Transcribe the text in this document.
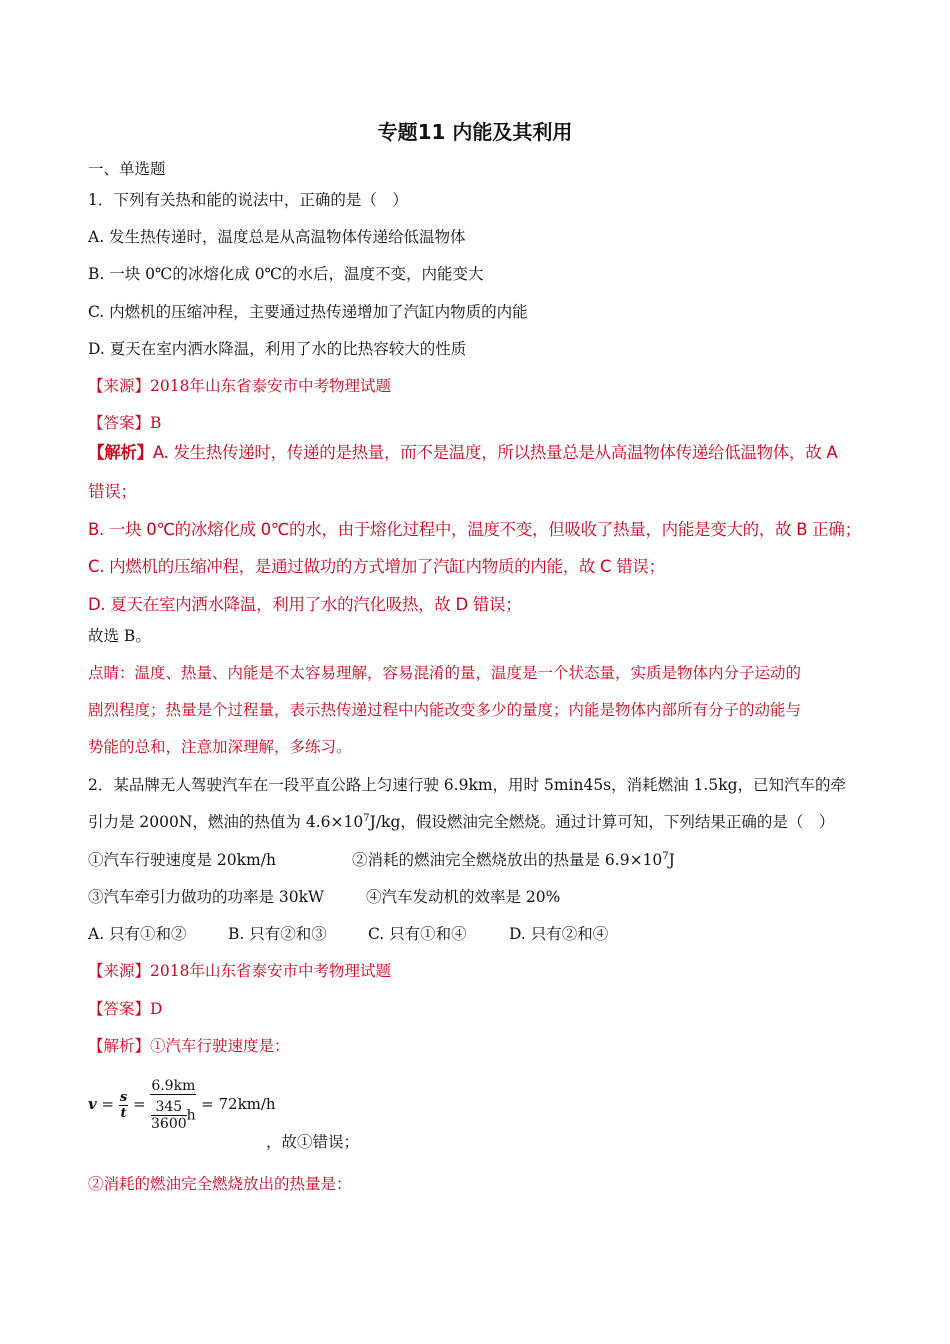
专题11 内能及其利用
一、单选题
1．下列有关热和能的说法中，正确的是（　）
A. 发生热传递时，温度总是从高温物体传递给低温物体
B. 一块 0℃的冰熔化成 0℃的水后，温度不变，内能变大
C. 内燃机的压缩冲程，主要通过热传递增加了汽缸内物质的内能
D. 夏天在室内洒水降温，利用了水的比热容较大的性质
【来源】2018年山东省泰安市中考物理试题
【答案】B
【解析】A. 发生热传递时，传递的是热量，而不是温度，所以热量总是从高温物体传递给低温物体，故 A
错误；
B. 一块 0℃的冰熔化成 0℃的水，由于熔化过程中，温度不变，但吸收了热量，内能是变大的，故 B 正确；
C. 内燃机的压缩冲程，是通过做功的方式增加了汽缸内物质的内能，故 C 错误；
D. 夏天在室内洒水降温，利用了水的汽化吸热，故 D 错误；
故选 B。
点睛：温度、热量、内能是不太容易理解，容易混淆的量，温度是一个状态量，实质是物体内分子运动的
剧烈程度；热量是个过程量，表示热传递过程中内能改变多少的量度；内能是物体内部所有分子的动能与
势能的总和，注意加深理解，多练习。
2．某品牌无人驾驶汽车在一段平直公路上匀速行驶 6.9km，用时 5min45s，消耗燃油 1.5kg，已知汽车的牵
引力是 2000N，燃油的热值为 $4.6\times 10^7J/kg$，假设燃油完全燃烧。通过计算可知，下列结果正确的是（　）
①汽车行驶速度是 20km/h	②消耗的燃油完全燃烧放出的热量是 $6.9\times 10^7J$
③汽车牵引力做功的功率是 30kW	④汽车发动机的效率是 20%
A. 只有①和②	B. 只有②和③	C. 只有①和④	D. 只有②和④
【来源】2018年山东省泰安市中考物理试题
【答案】D
【解析】①汽车行驶速度是：
$v = \frac{s}{t} = \frac{6.9km}{\frac{345}{3600} h} = 72km/h$
，故①错误；
②消耗的燃油完全燃烧放出的热量是：
